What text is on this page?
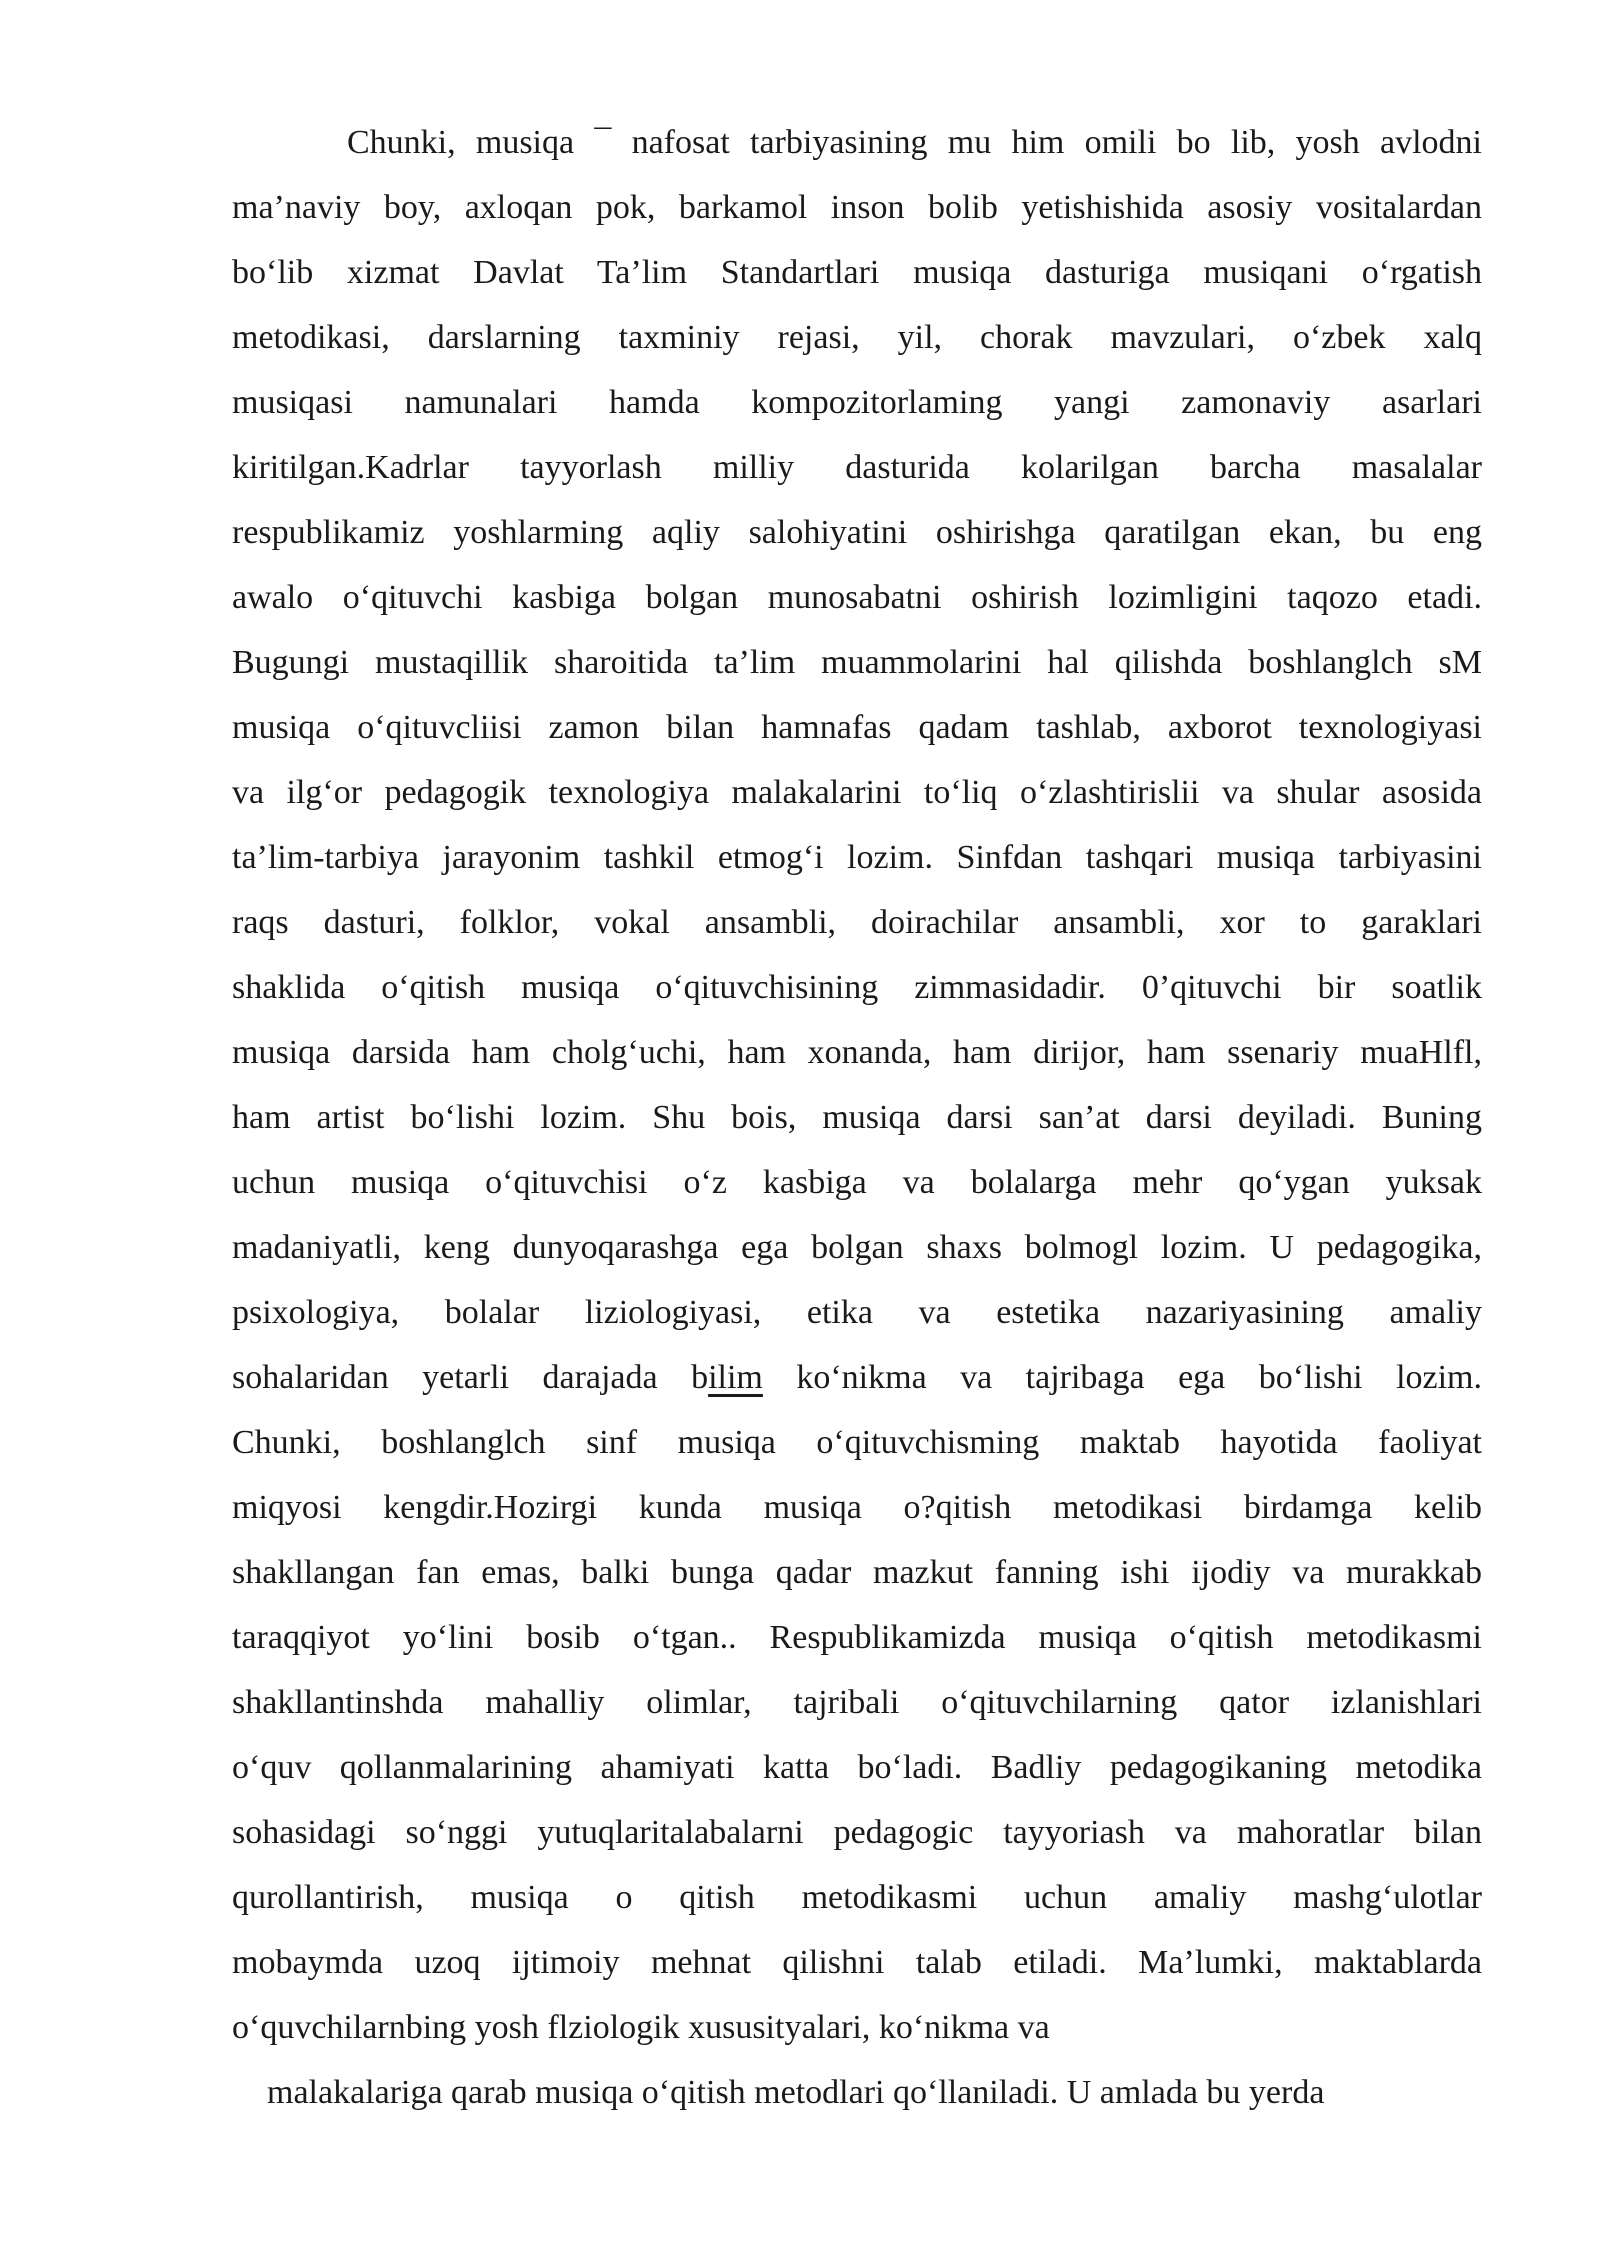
Chunki, musiqa ¯ nafosat tarbiyasining mu him omili bo lib, yosh avlodni
ma’naviy boy, axloqan pok, barkamol inson bolib yetishishida asosiy vositalardan
bo‘lib xizmat Davlat Ta’lim Standartlari musiqa dasturiga musiqani o‘rgatish
metodikasi, darslarning taxminiy rejasi, yil, chorak mavzulari, o‘zbek xalq
musiqasi namunalari hamda kompozitorlaming yangi zamonaviy asarlari
kiritilgan.Kadrlar tayyorlash milliy dasturida kolarilgan barcha masalalar
respublikamiz yoshlarming aqliy salohiyatini oshirishga qaratilgan ekan, bu eng
awalo o‘qituvchi kasbiga bolgan munosabatni oshirish lozimligini taqozo etadi.
Bugungi mustaqillik sharoitida ta’lim muammolarini hal qilishda boshlanglch sM
musiqa o‘qituvcliisi zamon bilan hamnafas qadam tashlab, axborot texnologiyasi
va ilg‘or pedagogik texnologiya malakalarini to‘liq o‘zlashtirislii va shular asosida
ta’lim-tarbiya jarayonim tashkil etmog‘i lozim. Sinfdan tashqari musiqa tarbiyasini
raqs dasturi, folklor, vokal ansambli, doirachilar ansambli, xor to garaklari
shaklida o‘qitish musiqa o‘qituvchisining zimmasidadir. 0’qituvchi bir soatlik
musiqa darsida ham cholg‘uchi, ham xonanda, ham dirijor, ham ssenariy muaHlfl,
ham artist bo‘lishi lozim. Shu bois, musiqa darsi san’at darsi deyiladi. Buning
uchun musiqa o‘qituvchisi o‘z kasbiga va bolalarga mehr qo‘ygan yuksak
madaniyatli, keng dunyoqarashga ega bolgan shaxs bolmogl lozim. U pedagogika,
psixologiya, bolalar liziologiyasi, etika va estetika nazariyasining amaliy
sohalaridan yetarli darajada bilim ko‘nikma va tajribaga ega bo‘lishi lozim.
Chunki, boshlanglch sinf musiqa o‘qituvchisming maktab hayotida faoliyat
miqyosi kengdir.Hozirgi kunda musiqa o?qitish metodikasi birdamga kelib
shakllangan fan emas, balki bunga qadar mazkut fanning ishi ijodiy va murakkab
taraqqiyot yo‘lini bosib o‘tgan.. Respublikamizda musiqa o‘qitish metodikasmi
shakllantinshda mahalliy olimlar, tajribali o‘qituvchilarning qator izlanishlari
o‘quv qollanmalarining ahamiyati katta bo‘ladi. Badliy pedagogikaning metodika
sohasidagi so‘nggi yutuqlaritalabalarni pedagogic tayyoriash va mahoratlar bilan
qurollantirish, musiqa o qitish metodikasmi uchun amaliy mashg‘ulotlar
mobaymda uzoq ijtimoiy mehnat qilishni talab etiladi. Ma’lumki, maktablarda
o‘quvchilarnbing yosh flziologik xususityalari, ko‘nikma va
malakalariga qarab musiqa o‘qitish metodlari qo‘llaniladi. U amlada bu yerda
